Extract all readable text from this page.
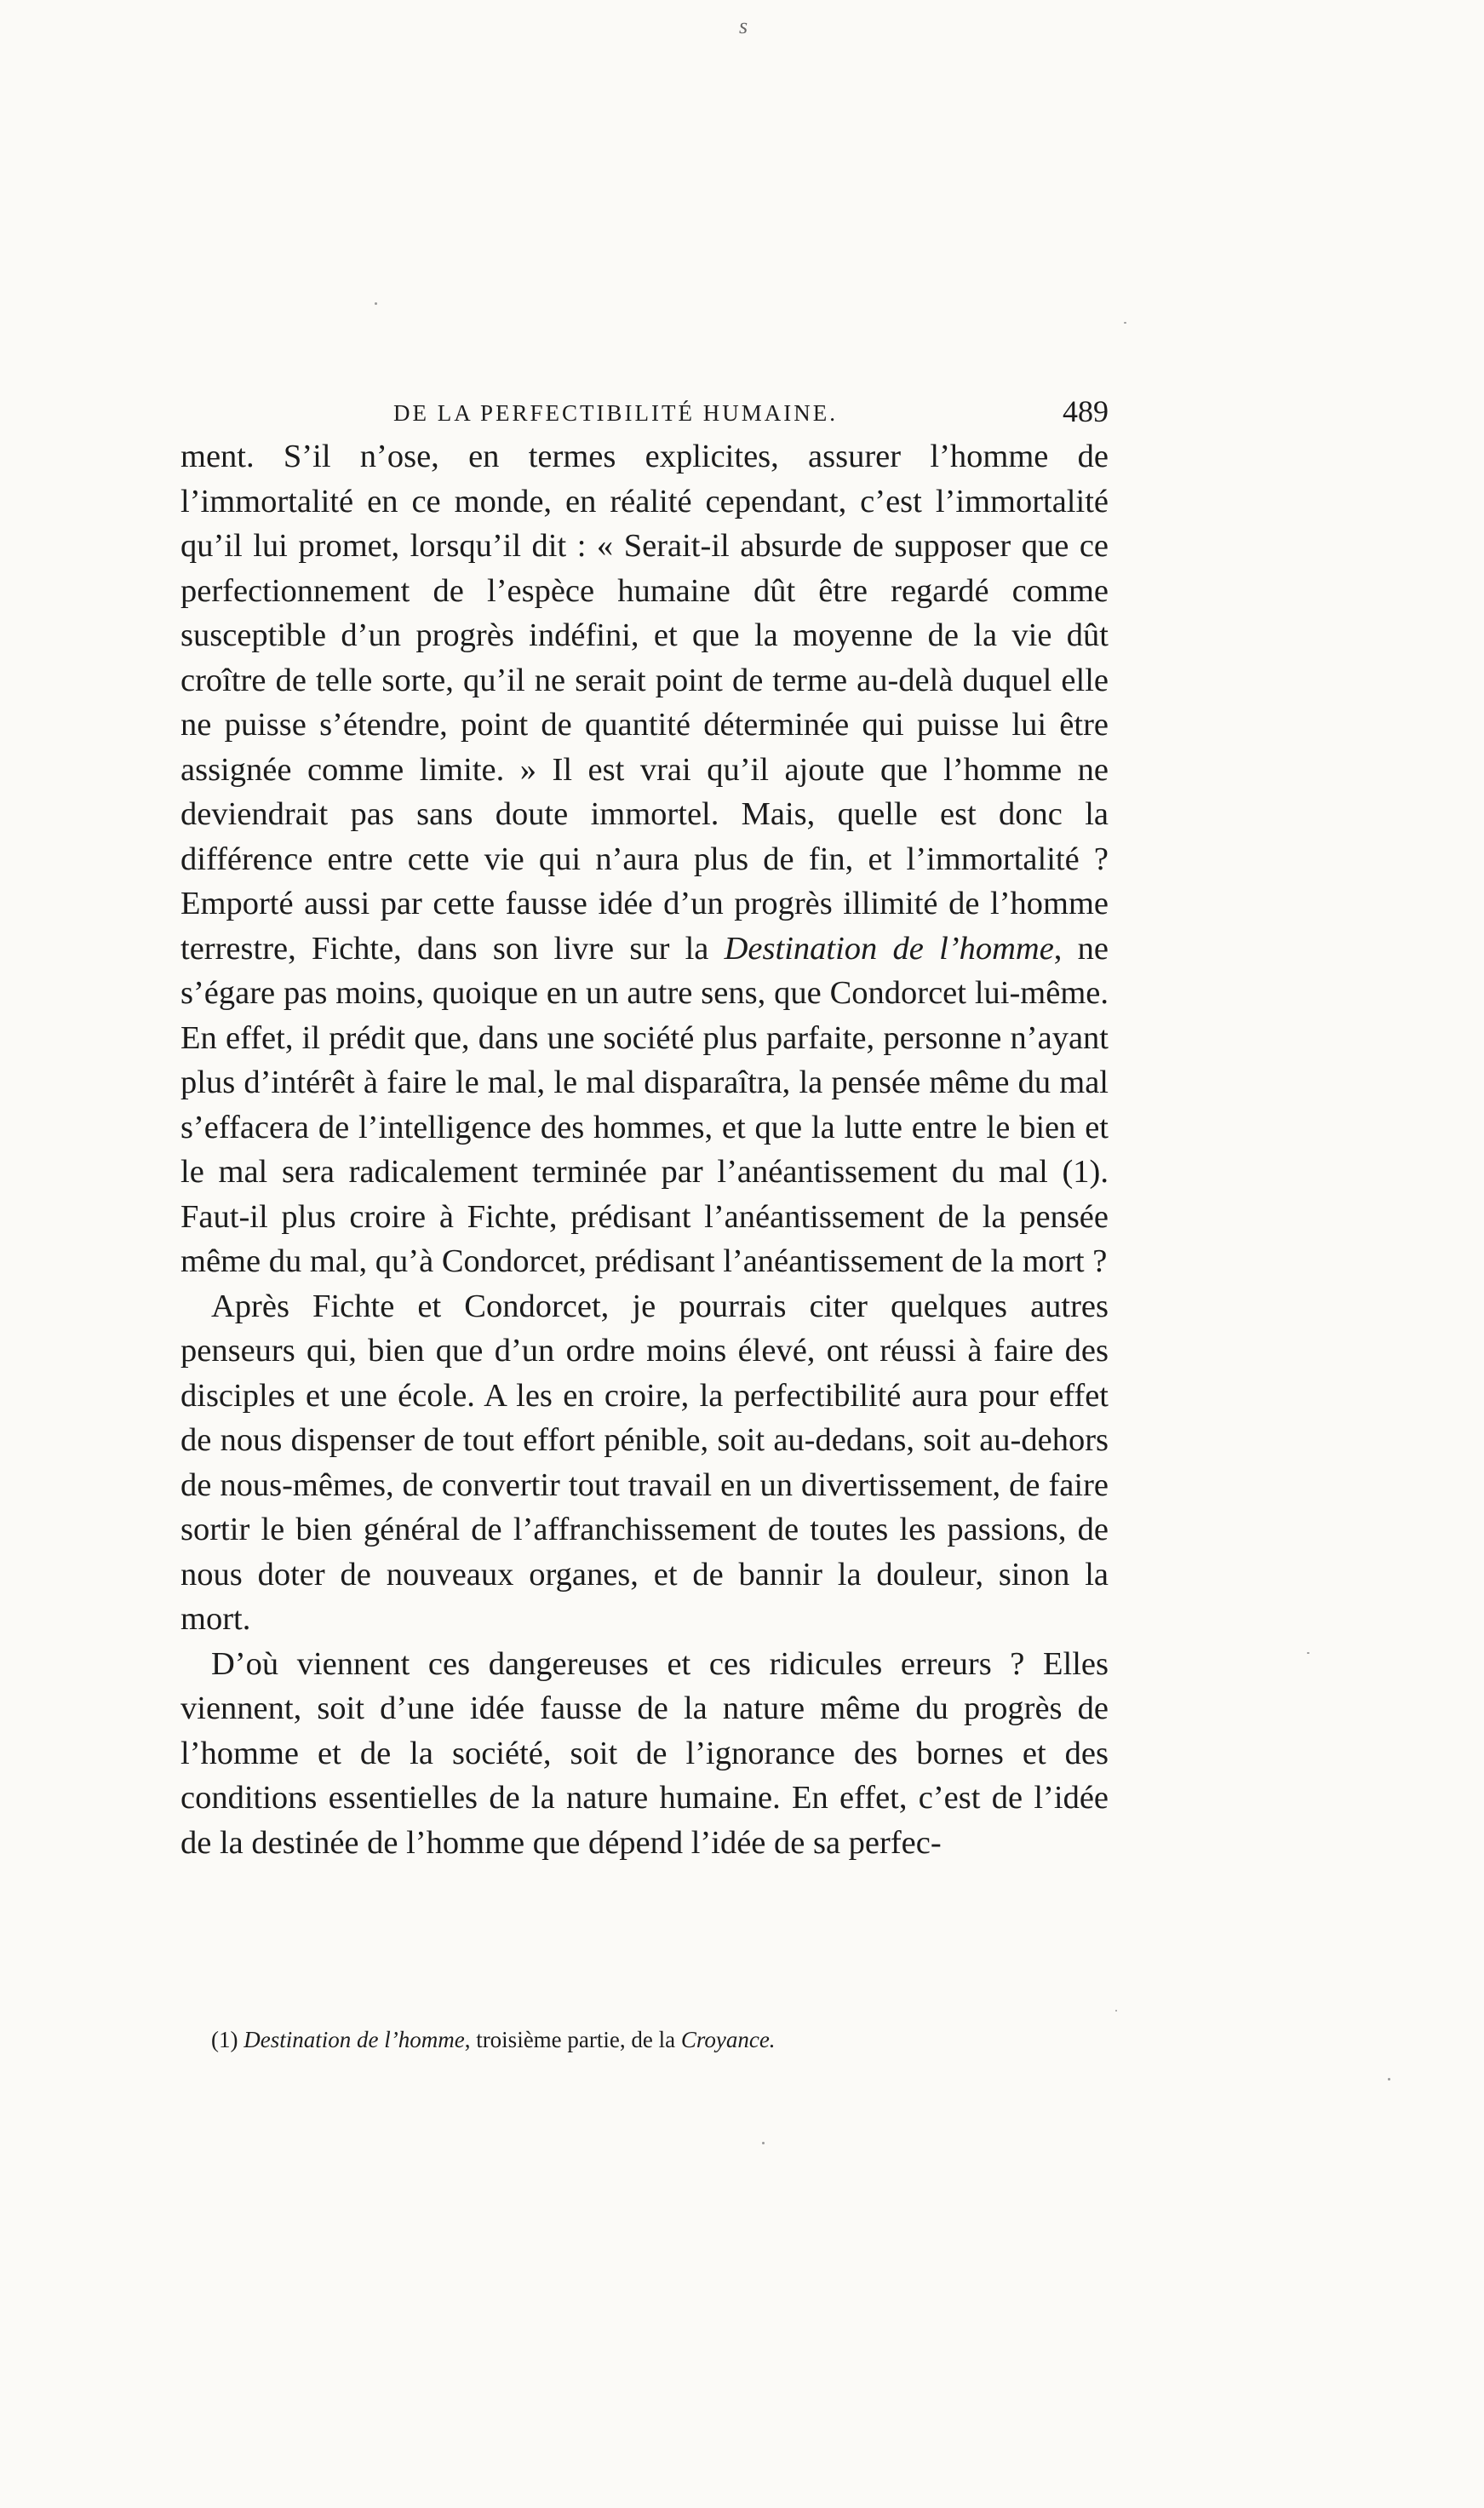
s
DE LA PERFECTIBILITÉ HUMAINE.	489

ment. S’il n’ose, en termes explicites, assurer l’homme de l’immortalité en ce monde, en réalité cependant, c’est l’immortalité qu’il lui promet, lorsqu’il dit : « Serait-il absurde de supposer que ce perfectionnement de l’espèce humaine dût être regardé comme susceptible d’un progrès indéfini, et que la moyenne de la vie dût croître de telle sorte, qu’il ne serait point de terme au-delà duquel elle ne puisse s’étendre, point de quantité déterminée qui puisse lui être assignée comme limite. » Il est vrai qu’il ajoute que l’homme ne deviendrait pas sans doute immortel. Mais, quelle est donc la différence entre cette vie qui n’aura plus de fin, et l’immortalité ? Emporté aussi par cette fausse idée d’un progrès illimité de l’homme terrestre, Fichte, dans son livre sur la Destination de l’homme, ne s’égare pas moins, quoique en un autre sens, que Condorcet lui-même. En effet, il prédit que, dans une société plus parfaite, personne n’ayant plus d’intérêt à faire le mal, le mal disparaîtra, la pensée même du mal s’effacera de l’intelligence des hommes, et que la lutte entre le bien et le mal sera radicalement terminée par l’anéantissement du mal (1). Faut-il plus croire à Fichte, prédisant l’anéantissement de la pensée même du mal, qu’à Condorcet, prédisant l’anéantissement de la mort ?

Après Fichte et Condorcet, je pourrais citer quelques autres penseurs qui, bien que d’un ordre moins élevé, ont réussi à faire des disciples et une école. A les en croire, la perfectibilité aura pour effet de nous dispenser de tout effort pénible, soit au-dedans, soit au-dehors de nous-mêmes, de convertir tout travail en un divertissement, de faire sortir le bien général de l’affranchissement de toutes les passions, de nous doter de nouveaux organes, et de bannir la douleur, sinon la mort.

D’où viennent ces dangereuses et ces ridicules erreurs ? Elles viennent, soit d’une idée fausse de la nature même du progrès de l’homme et de la société, soit de l’ignorance des bornes et des conditions essentielles de la nature humaine. En effet, c’est de l’idée de la destinée de l’homme que dépend l’idée de sa perfec-

(1) Destination de l’homme, troisième partie, de la Croyance.
